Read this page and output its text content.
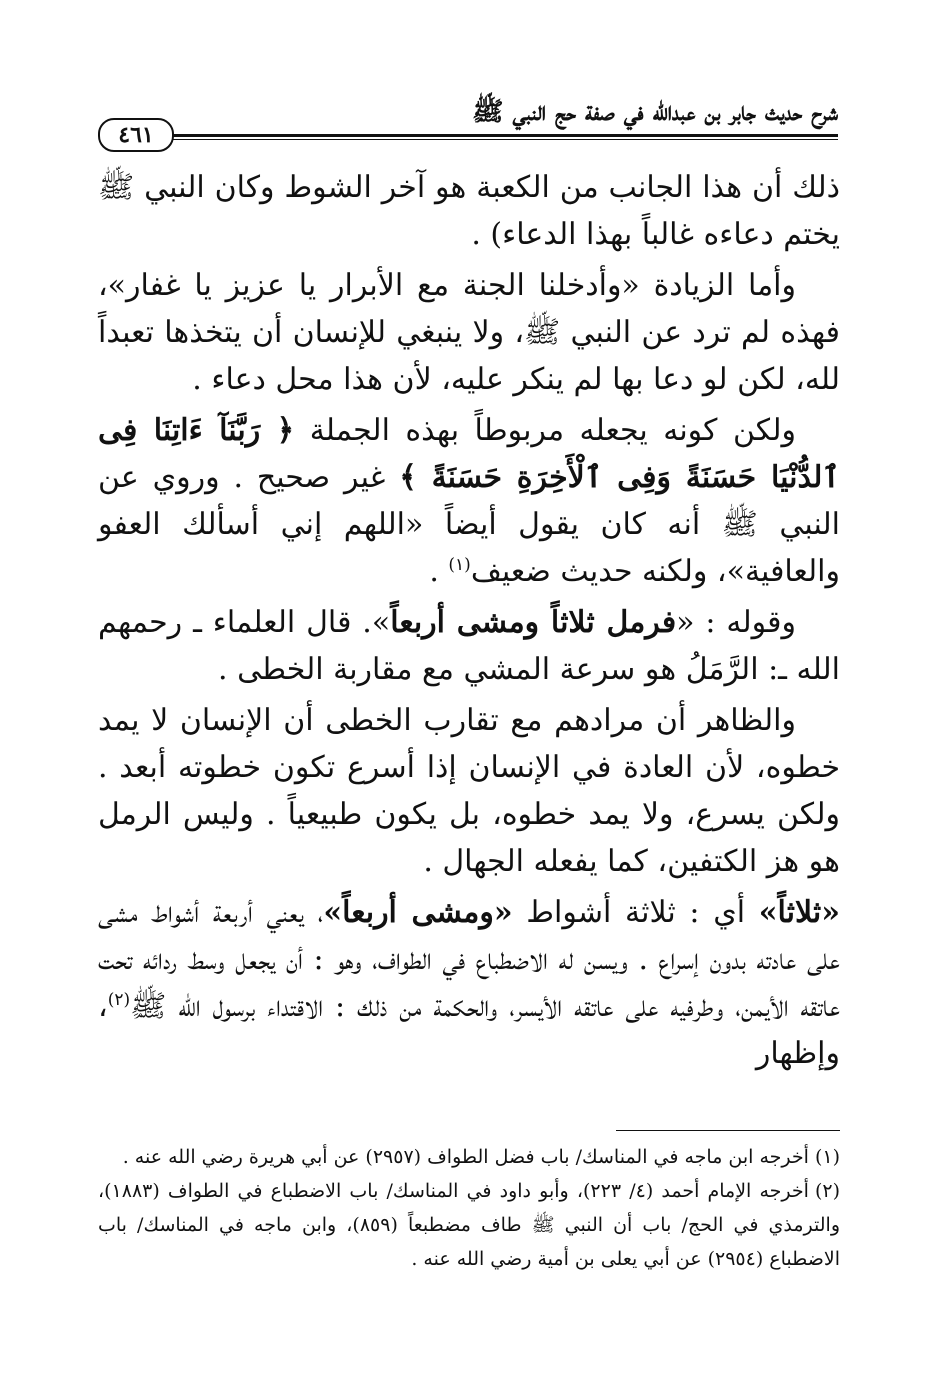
شرح حديث جابر بن عبدالله في صفة حج النبي ﷺ
٤٦١

ذلك أن هذا الجانب من الكعبة هو آخر الشوط وكان النبي ﷺ يختم دعاءه غالباً بهذا الدعاء) .

وأما الزيادة «وأدخلنا الجنة مع الأبرار يا عزيز يا غفار»، فهذه لم ترد عن النبي ﷺ، ولا ينبغي للإنسان أن يتخذها تعبداً لله، لكن لو دعا بها لم ينكر عليه، لأن هذا محل دعاء .

ولكن كونه يجعله مربوطاً بهذه الجملة ﴿ رَبَّنَآ ءَاتِنَا فِى ٱلدُّنْيَا حَسَنَةً وَفِى ٱلْأَخِرَةِ حَسَنَةً ﴾ غير صحيح . وروي عن النبي ﷺ أنه كان يقول أيضاً «اللهم إني أسألك العفو والعافية»، ولكنه حديث ضعيف$^{(١)}$ .

وقوله : «فرمل ثلاثاً ومشى أربعاً». قال العلماء ـ رحمهم الله ـ: الرَّمَلُ هو سرعة المشي مع مقاربة الخطى .

والظاهر أن مرادهم مع تقارب الخطى أن الإنسان لا يمد خطوه، لأن العادة في الإنسان إذا أسرع تكون خطوته أبعد . ولكن يسرع، ولا يمد خطوه، بل يكون طبيعياً . وليس الرمل هو هز الكتفين، كما يفعله الجهال .

«ثلاثاً» أي : ثلاثة أشواط «ومشى أربعاً»، يعني أربعة أشواط مشى على عادته بدون إسراع . ويسن له الاضطباع في الطواف، وهو : أن يجعل وسط ردائه تحت عاتقه الأيمن، وطرفيه على عاتقه الأيسر، والحكمة من ذلك : الاقتداء برسول الله ﷺ$^{(٢)}$، وإظهار

(١)أخرجه ابن ماجه في المناسك/ باب فضل الطواف (٢٩٥٧) عن أبي هريرة رضي الله عنه .

(٢)أخرجه الإمام أحمد (٤/ ٢٢٣)، وأبو داود في المناسك/ باب الاضطباع في الطواف (١٨٨٣)، والترمذي في الحج/ باب أن النبي ﷺ طاف مضطبعاً (٨٥٩)، وابن ماجه في المناسك/ باب الاضطباع (٢٩٥٤) عن أبي يعلى بن أمية رضي الله عنه .
